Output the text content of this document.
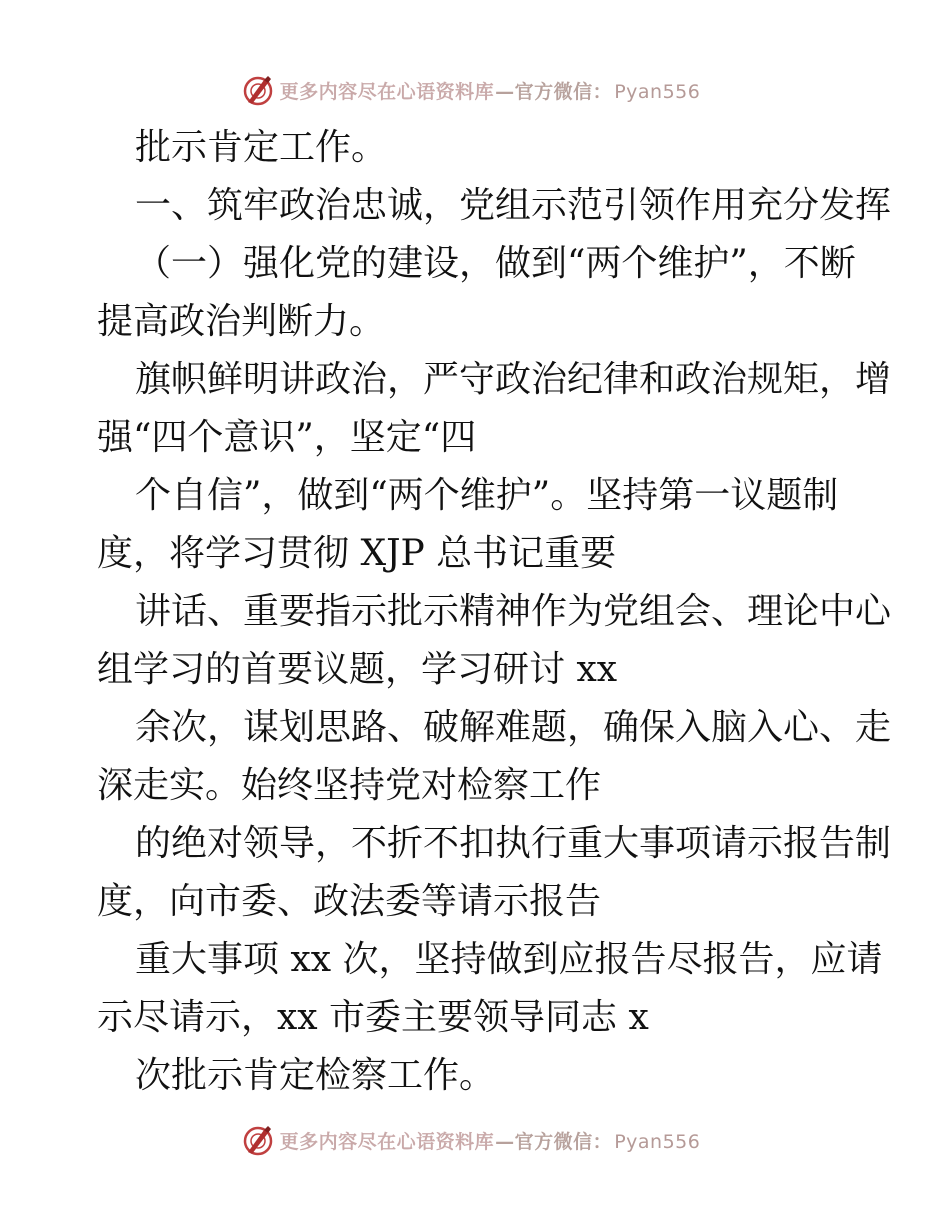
更多内容尽在心语资料库 —官方微信： Pyan556
批示肯定工作。
一、筑牢政治忠诚，党组示范引领作用充分发挥
（一）强化党的建设，做到“两个维护”，不断
提高政治判断力。
旗帜鲜明讲政治，严守政治纪律和政治规矩，增
强“四个意识”，坚定“四
个自信”，做到“两个维护”。坚持第一议题制
度，将学习贯彻 XJP 总书记重要
讲话、重要指示批示精神作为党组会、理论中心
组学习的首要议题，学习研讨 xx
余次，谋划思路、破解难题，确保入脑入心、走
深走实。始终坚持党对检察工作
的绝对领导，不折不扣执行重大事项请示报告制
度，向市委、政法委等请示报告
重大事项 xx 次，坚持做到应报告尽报告，应请
示尽请示，xx 市委主要领导同志 x
次批示肯定检察工作。
更多内容尽在心语资料库 —官方微信： Pyan556
